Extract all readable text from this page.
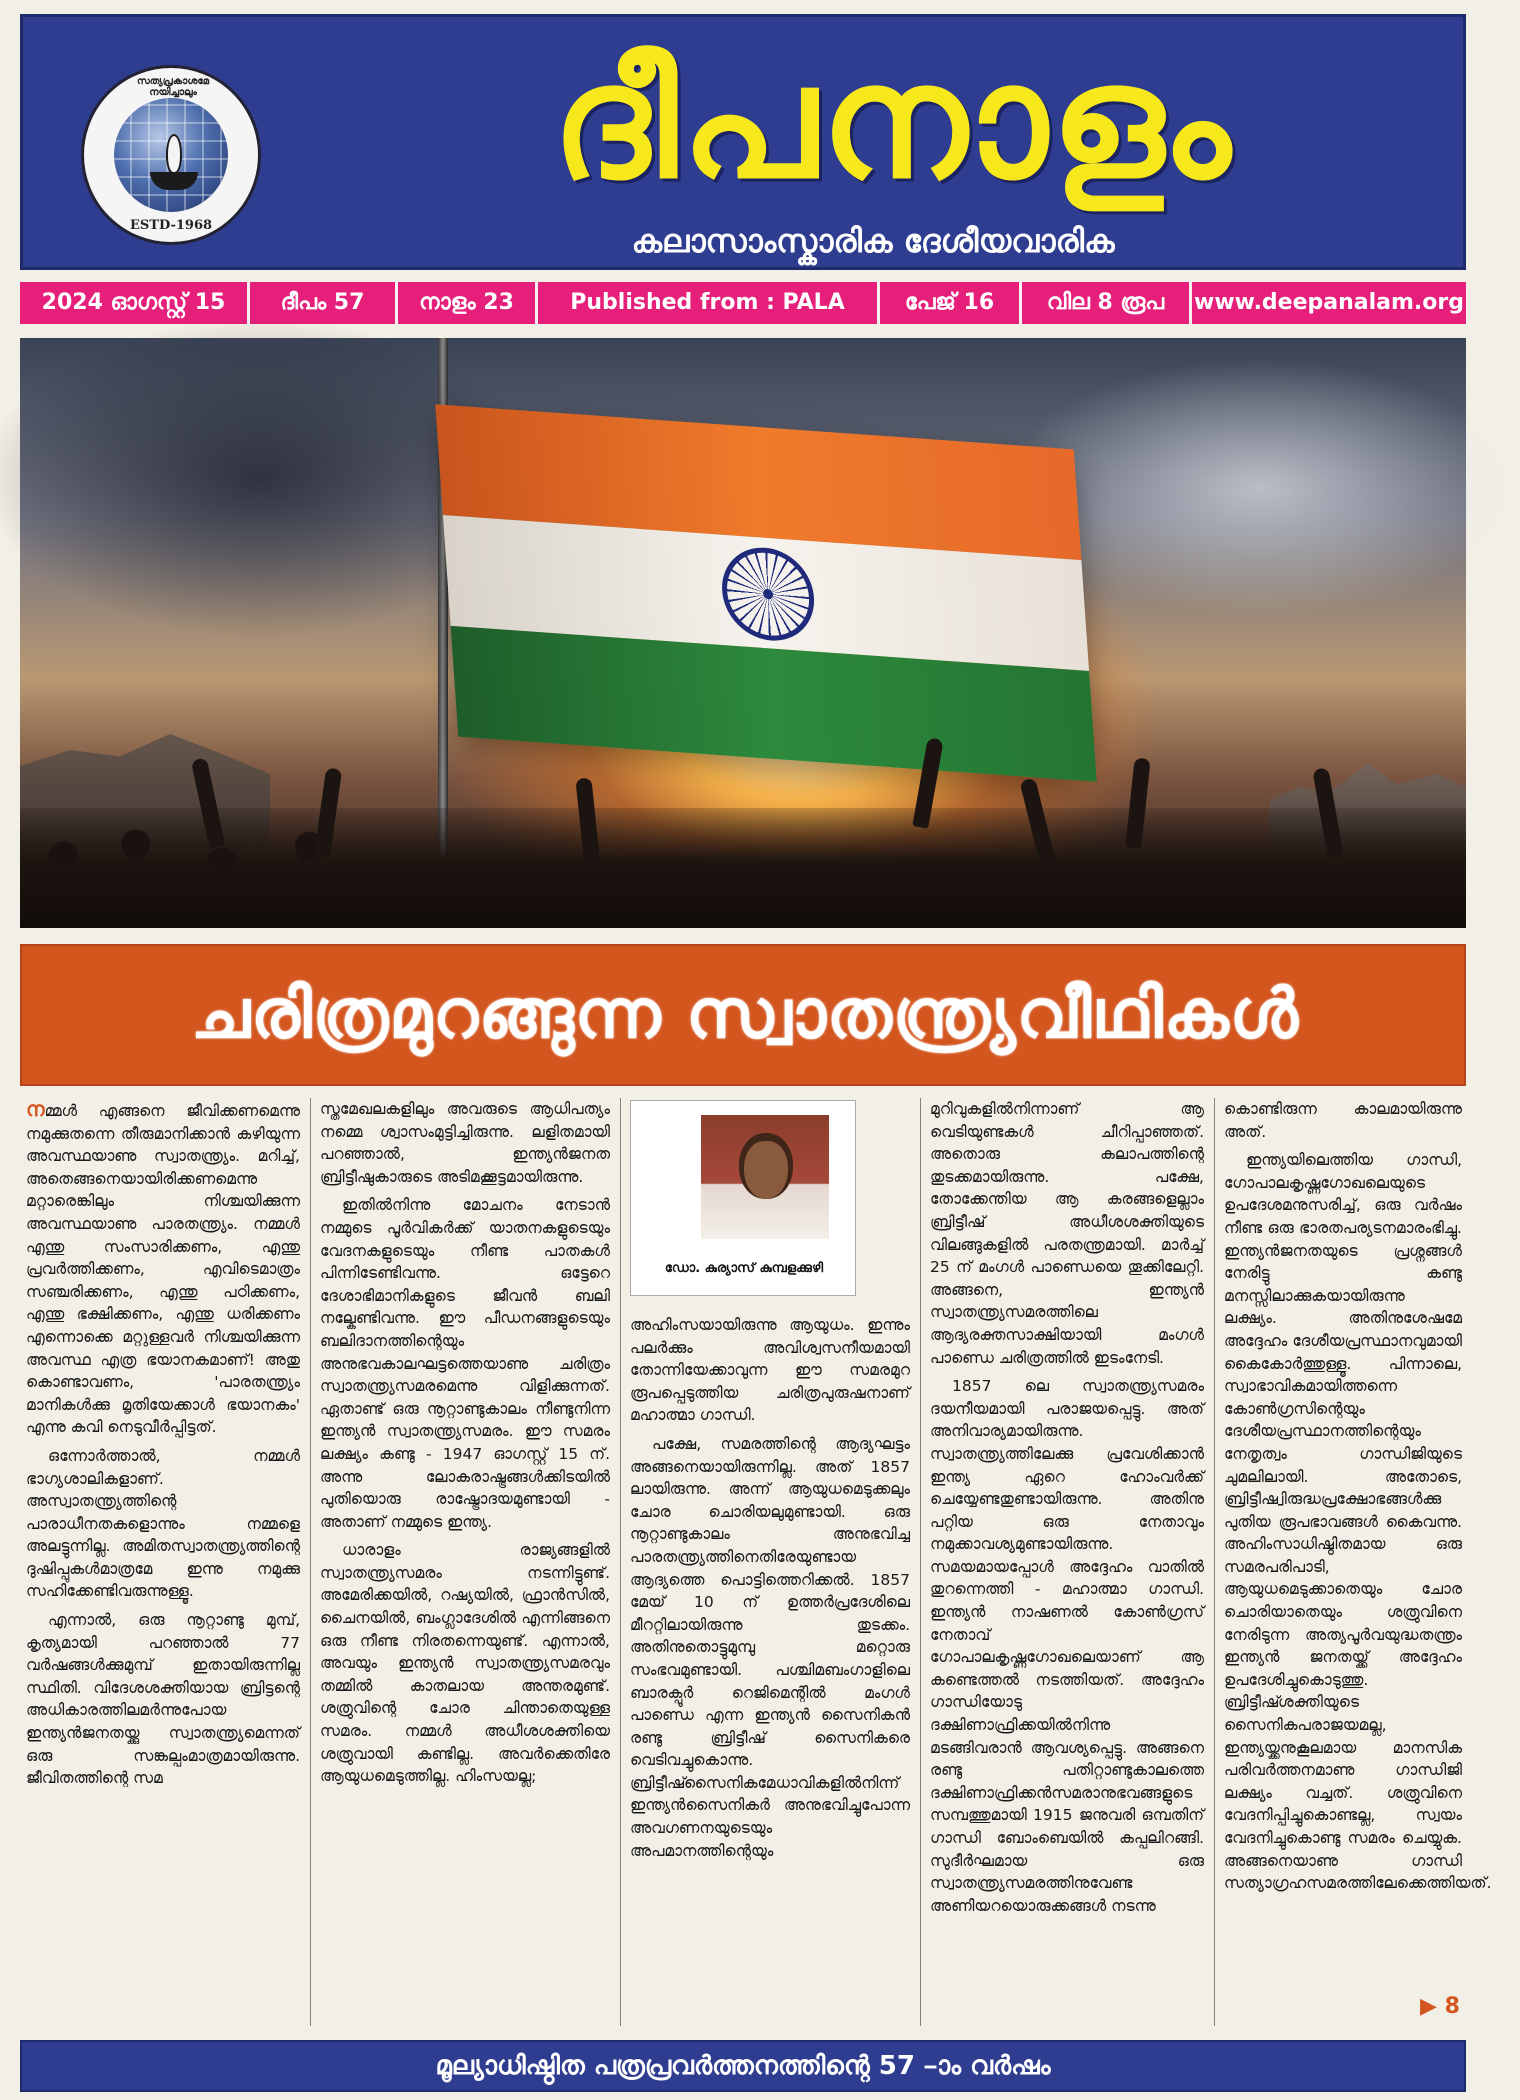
സത്യപ്രകാശമേ നയിച്ചാലും
ESTD-1968
ദീപനാളം
കലാസാംസ്കാരിക ദേശീയവാരിക
2024 ഓഗസ്റ്റ് 15	ദീപം 57	നാളം 23	Published from : PALA	പേജ് 16	വില 8 രൂപ	www.deepanalam.org
ചരിത്രമുറങ്ങുന്ന സ്വാതന്ത്ര്യവീഥികൾ

നമ്മൾ എങ്ങനെ ജീവിക്കണമെന്നു നമുക്കുതന്നെ തീരുമാനിക്കാൻ കഴിയുന്ന അവസ്ഥയാണു സ്വാതന്ത്ര്യം. മറിച്ച്, അതെങ്ങനെയായിരിക്കണമെന്നു മറ്റാരെങ്കിലും നിശ്ചയിക്കുന്ന അവസ്ഥയാണു പാരതന്ത്ര്യം. നമ്മൾ എന്തു സംസാരിക്കണം, എന്തു പ്രവർത്തിക്കണം, എവിടെമാത്രം സഞ്ചരിക്കണം, എന്തു പഠിക്കണം, എന്തു ഭക്ഷിക്കണം, എന്തു ധരിക്കണം എന്നൊക്കെ മറ്റുള്ളവർ നിശ്ചയിക്കുന്ന അവസ്ഥ എത്ര ഭയാനകമാണ്! അതു കൊണ്ടാവണം, 'പാരതന്ത്ര്യം മാനികൾക്കു മൃതിയേക്കാൾ ഭയാനകം' എന്നു കവി നെടുവീർപ്പിട്ടത്.

ഒന്നോർത്താൽ, നമ്മൾ ഭാഗ്യശാലികളാണ്. അസ്വാതന്ത്ര്യത്തിന്റെ പാരാധീനതകളൊന്നും നമ്മളെ അലട്ടുന്നില്ല. അമിതസ്വാതന്ത്ര്യത്തിന്റെ ദുഷിപ്പുകൾമാത്രമേ ഇന്നു നമുക്കു സഹിക്കേണ്ടിവരുന്നുള്ളൂ.

എന്നാൽ, ഒരു നൂറ്റാണ്ടു മുമ്പ്, കൃത്യമായി പറഞ്ഞാൽ 77 വർഷങ്ങൾക്കുമുമ്പ് ഇതായിരുന്നില്ല സ്ഥിതി. വിദേശശക്തിയായ ബ്രിട്ടന്റെ അധികാരത്തിലമർന്നുപോയ ഇന്ത്യൻജനതയ്ക്കു സ്വാതന്ത്ര്യമെന്നത് ഒരു സങ്കല്പംമാത്രമായിരുന്നു. ജീവിതത്തിന്റെ സമ

സ്തമേഖലകളിലും അവരുടെ ആധിപത്യം നമ്മെ ശ്വാസംമുട്ടിച്ചിരുന്നു. ലളിതമായി പറഞ്ഞാൽ, ഇന്ത്യൻജനത ബ്രിട്ടീഷുകാരുടെ അടിമക്കൂട്ടമായിരുന്നു.

ഇതിൽനിന്നു മോചനം നേടാൻ നമ്മുടെ പൂർവികർക്ക് യാതനകളുടെയും വേദനകളുടെയും നീണ്ട പാതകൾ പിന്നിടേണ്ടിവന്നു. ഒട്ടേറെ ദേശാഭിമാനികളുടെ ജീവൻ ബലി നല്കേണ്ടിവന്നു. ഈ പീഡനങ്ങളുടെയും ബലിദാനത്തിന്റെയും അനുഭവകാലഘട്ടത്തെയാണു ചരിത്രം സ്വാതന്ത്ര്യസമരമെന്നു വിളിക്കുന്നത്. ഏതാണ്ട് ഒരു നൂറ്റാണ്ടുകാലം നീണ്ടുനിന്ന ഇന്ത്യൻ സ്വാതന്ത്ര്യസമരം. ഈ സമരം ലക്ഷ്യം കണ്ടു - 1947 ഓഗസ്റ്റ് 15 ന്. അന്നു ലോകരാഷ്ട്രങ്ങൾക്കിടയിൽ പുതിയൊരു രാഷ്ട്രോദയമുണ്ടായി - അതാണ് നമ്മുടെ ഇന്ത്യ.

ധാരാളം രാജ്യങ്ങളിൽ സ്വാതന്ത്ര്യസമരം നടന്നിട്ടുണ്ട്. അമേരിക്കയിൽ, റഷ്യയിൽ, ഫ്രാൻസിൽ, ചൈനയിൽ, ബംഗ്ലാദേശിൽ എന്നിങ്ങനെ ഒരു നീണ്ട നിരതന്നെയുണ്ട്. എന്നാൽ, അവയും ഇന്ത്യൻ സ്വാതന്ത്ര്യസമരവും തമ്മിൽ കാതലായ അന്തരമുണ്ട്. ശത്രുവിന്റെ ചോര ചിന്താതെയുള്ള സമരം. നമ്മൾ അധീശശക്തിയെ ശത്രുവായി കണ്ടില്ല. അവർക്കെതിരേ ആയുധമെടുത്തില്ല. ഹിംസയല്ല;

ഡോ. കുര്യാസ് കുമ്പളക്കുഴി

അഹിംസയായിരുന്നു ആയുധം. ഇന്നും പലർക്കും അവിശ്വസനീയമായി തോന്നിയേക്കാവുന്ന ഈ സമരമുറ രൂപപ്പെടുത്തിയ ചരിത്രപുരുഷനാണ് മഹാത്മാ ഗാന്ധി.

പക്ഷേ, സമരത്തിന്റെ ആദ്യഘട്ടം അങ്ങനെയായിരുന്നില്ല. അത് 1857 ലായിരുന്നു. അന്ന് ആയുധമെടുക്കലും ചോര ചൊരിയലുമുണ്ടായി. ഒരു നൂറ്റാണ്ടുകാലം അനുഭവിച്ച പാരതന്ത്ര്യത്തിനെതിരേയുണ്ടായ ആദ്യത്തെ പൊട്ടിത്തെറിക്കൽ. 1857 മേയ് 10 ന് ഉത്തർപ്രദേശിലെ മീററ്റിലായിരുന്നു തുടക്കം. അതിനുതൊട്ടുമുമ്പു മറ്റൊരു സംഭവമുണ്ടായി. പശ്ചിമബംഗാളിലെ ബാരക്പൂർ റെജിമെന്റിൽ മംഗൾ പാണ്ഡെ എന്ന ഇന്ത്യൻ സൈനികൻ രണ്ടു ബ്രിട്ടീഷ് സൈനികരെ വെടിവച്ചുകൊന്നു. ബ്രിട്ടീഷ്സൈനികമേധാവികളിൽനിന്ന് ഇന്ത്യൻസൈനികർ അനുഭവിച്ചുപോന്ന അവഗണനയുടെയും അപമാനത്തിന്റെയും

മുറിവുകളിൽനിന്നാണ് ആ വെടിയുണ്ടകൾ ചീറിപ്പാഞ്ഞത്. അതൊരു കലാപത്തിന്റെ തുടക്കമായിരുന്നു. പക്ഷേ, തോക്കേന്തിയ ആ കരങ്ങളെല്ലാം ബ്രിട്ടീഷ് അധീശശക്തിയുടെ വിലങ്ങുകളിൽ പരതന്ത്രമായി. മാർച്ച് 25 ന് മംഗൾ പാണ്ഡെയെ തൂക്കിലേറ്റി. അങ്ങനെ, ഇന്ത്യൻ സ്വാതന്ത്ര്യസമരത്തിലെ ആദ്യരക്തസാക്ഷിയായി മംഗൾ പാണ്ഡെ ചരിത്രത്തിൽ ഇടംനേടി.

1857 ലെ സ്വാതന്ത്ര്യസമരം ദയനീയമായി പരാജയപ്പെട്ടു. അത് അനിവാര്യമായിരുന്നു. സ്വാതന്ത്ര്യത്തിലേക്കു പ്രവേശിക്കാൻ ഇന്ത്യ ഏറെ ഹോംവർക്ക് ചെയ്യേണ്ടതുണ്ടായിരുന്നു. അതിനു പറ്റിയ ഒരു നേതാവും നമുക്കാവശ്യമുണ്ടായിരുന്നു. സമയമായപ്പോൾ അദ്ദേഹം വാതിൽ തുറന്നെത്തി - മഹാത്മാ ഗാന്ധി. ഇന്ത്യൻ നാഷണൽ കോൺഗ്രസ് നേതാവ് ഗോപാലകൃഷ്ണഗോഖലെയാണ് ആ കണ്ടെത്തൽ നടത്തിയത്. അദ്ദേഹം ഗാന്ധിയോടു ദക്ഷിണാഫ്രിക്കയിൽനിന്നു മടങ്ങിവരാൻ ആവശ്യപ്പെട്ടു. അങ്ങനെ രണ്ടു പതിറ്റാണ്ടുകാലത്തെ ദക്ഷിണാഫ്രിക്കൻസമരാനുഭവങ്ങളുടെ സമ്പത്തുമായി 1915 ജനുവരി ഒമ്പതിന് ഗാന്ധി ബോംബെയിൽ കപ്പലിറങ്ങി. സുദീർഘമായ ഒരു സ്വാതന്ത്ര്യസമരത്തിനുവേണ്ട അണിയറയൊരുക്കങ്ങൾ നടന്നു

കൊണ്ടിരുന്ന കാലമായിരുന്നു അത്.

ഇന്ത്യയിലെത്തിയ ഗാന്ധി, ഗോപാലകൃഷ്ണഗോഖലെയുടെ ഉപദേശമനുസരിച്ച്, ഒരു വർഷം നീണ്ട ഒരു ഭാരതപര്യടനമാരംഭിച്ചു. ഇന്ത്യൻജനതയുടെ പ്രശ്നങ്ങൾ നേരിട്ടു കണ്ടു മനസ്സിലാക്കുകയായിരുന്നു ലക്ഷ്യം. അതിനുശേഷമേ അദ്ദേഹം ദേശീയപ്രസ്ഥാനവുമായി കൈകോർത്തുള്ളൂ. പിന്നാലെ, സ്വാഭാവികമായിത്തന്നെ കോൺഗ്രസിന്റെയും ദേശീയപ്രസ്ഥാനത്തിന്റെയും നേതൃത്വം ഗാന്ധിജിയുടെ ചുമലിലായി. അതോടെ, ബ്രിട്ടീഷ്വിരുദ്ധപ്രക്ഷോഭങ്ങൾക്കു പുതിയ രൂപഭാവങ്ങൾ കൈവന്നു. അഹിംസാധിഷ്ഠിതമായ ഒരു സമരപരിപാടി, ആയുധമെടുക്കാതെയും ചോര ചൊരിയാതെയും ശത്രുവിനെ നേരിടുന്ന അത്യപൂർവയുദ്ധതന്ത്രം ഇന്ത്യൻ ജനതയ്ക്ക് അദ്ദേഹം ഉപദേശിച്ചുകൊടുത്തു. ബ്രിട്ടീഷ്ശക്തിയുടെ സൈനികപരാജയമല്ല, ഇന്ത്യയ്ക്കനുകൂലമായ മാനസിക പരിവർത്തനമാണു ഗാന്ധിജി ലക്ഷ്യം വച്ചത്. ശത്രുവിനെ വേദനിപ്പിച്ചുകൊണ്ടല്ല, സ്വയം വേദനിച്ചുകൊണ്ടു സമരം ചെയ്യുക. അങ്ങനെയാണു ഗാന്ധി സത്യാഗ്രഹസമരത്തിലേക്കെത്തിയത്.

▶ 8
മൂല്യാധിഷ്ഠിത പത്രപ്രവർത്തനത്തിന്റെ 57 –ാം വർഷം
